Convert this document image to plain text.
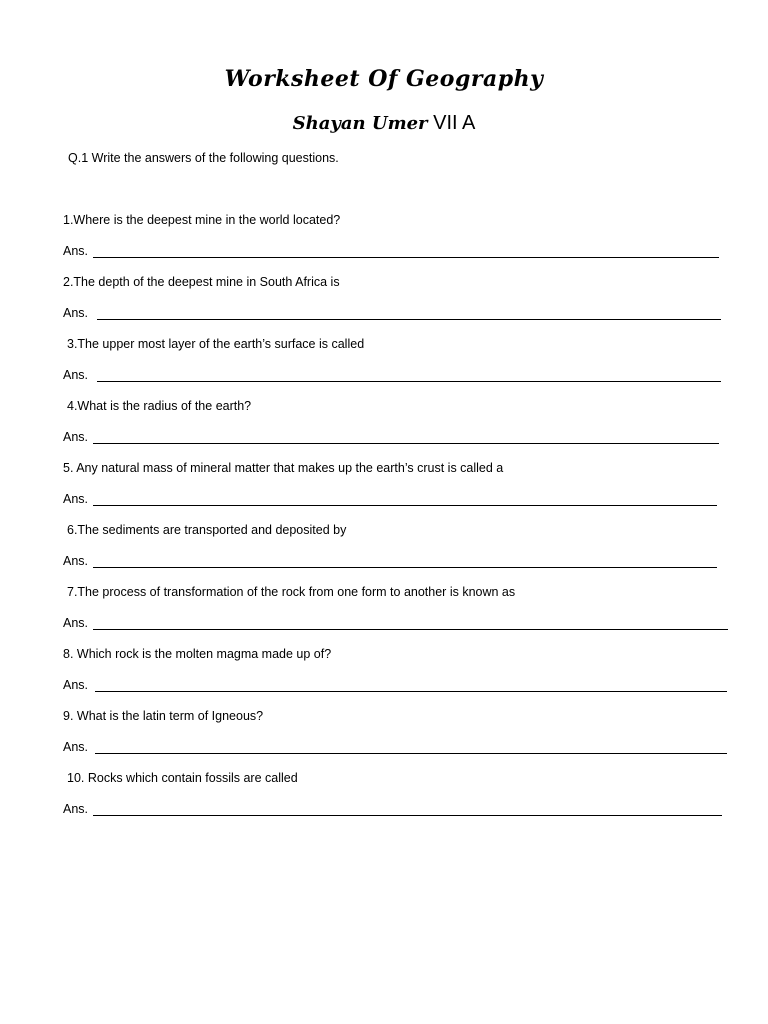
Worksheet Of Geography
Shayan Umer VII A
Q.1 Write the answers of the following questions.
1.Where is the deepest mine in the world located?
Ans.
2.The depth of the deepest mine in South Africa is
Ans.
3.The upper most layer of the earth’s surface is called
Ans.
4.What is the radius of the earth?
Ans.
5. Any natural mass of mineral matter that makes up the earth’s crust is called a
Ans.
6.The sediments are transported and deposited by
Ans.
7.The process of transformation of the rock from one form to another is known as
Ans.
8. Which rock is the molten magma made up of?
Ans.
9. What is the latin term of Igneous?
Ans.
10. Rocks which contain fossils are called
Ans.
